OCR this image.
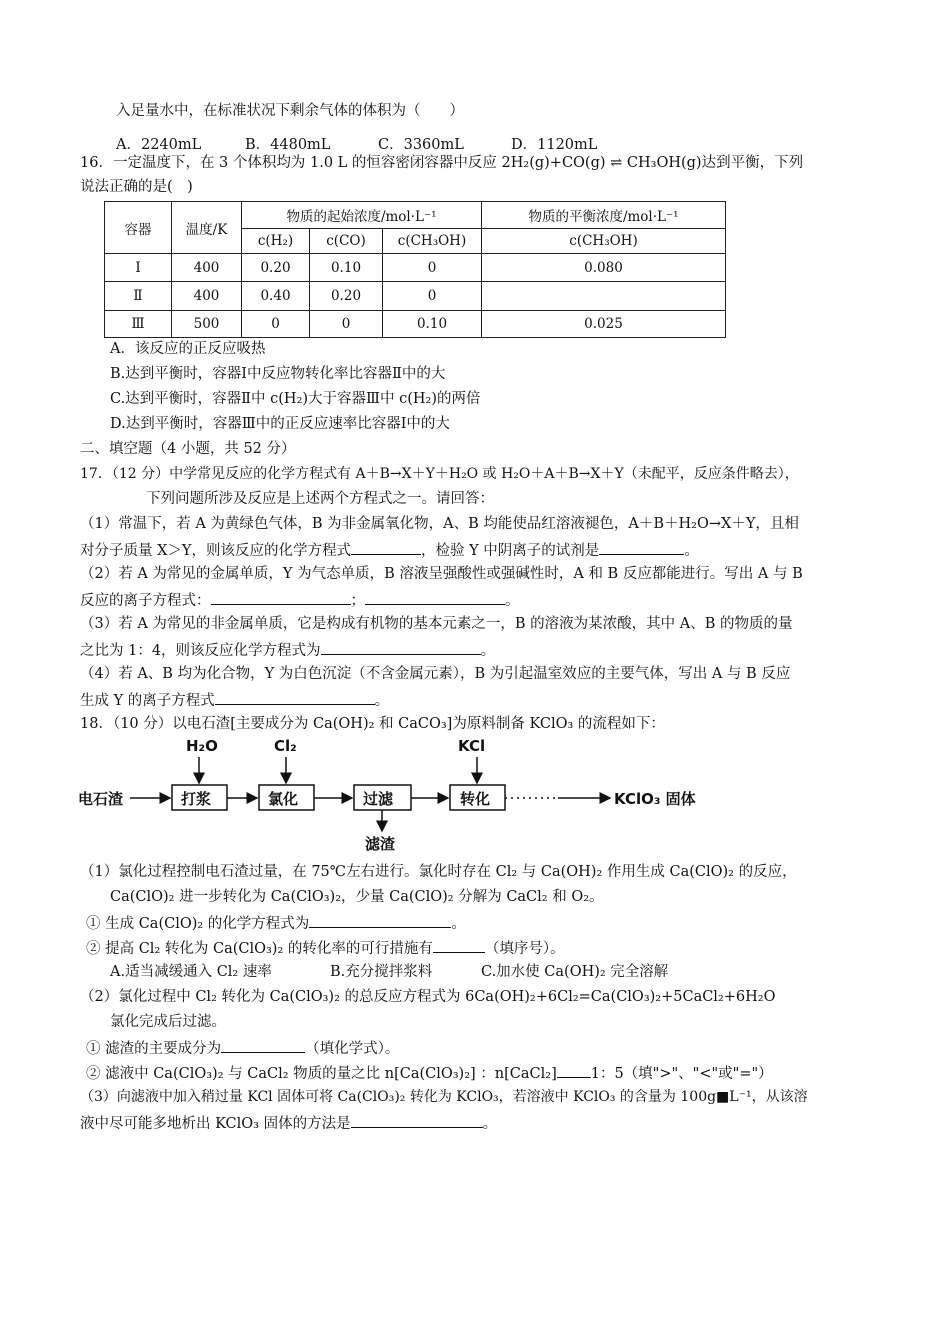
入足量水中，在标准状况下剩余气体的体积为（　　）
A．2240mL	B．4480mL	C．3360mL	D．1120mL
16．一定温度下，在 3 个体积均为 1.0 L 的恒容密闭容器中反应 2H₂(g)+CO(g) ⇌ CH₃OH(g)达到平衡，下列
说法正确的是(　)
容器	温度/K	物质的起始浓度/mol·L⁻¹			物质的平衡浓度/mol·L⁻¹
		c(H₂)	c(CO)	c(CH₃OH)	c(CH₃OH)
Ⅰ	400	0.20	0.10	0	0.080
Ⅱ	400	0.40	0.20	0	
Ⅲ	500	0	0	0.10	0.025
A．该反应的正反应吸热
B.达到平衡时，容器Ⅰ中反应物转化率比容器Ⅱ中的大
C.达到平衡时，容器Ⅱ中 c(H₂)大于容器Ⅲ中 c(H₂)的两倍
D.达到平衡时，容器Ⅲ中的正反应速率比容器Ⅰ中的大
二、填空题（4 小题，共 52 分）
17．（12 分）中学常见反应的化学方程式有 A＋B→X＋Y＋H₂O 或 H₂O＋A＋B→X＋Y（未配平，反应条件略去），
下列问题所涉及反应是上述两个方程式之一。请回答：
（1）常温下，若 A 为黄绿色气体，B 为非金属氧化物，A、B 均能使品红溶液褪色，A＋B＋H₂O→X＋Y，且相
对分子质量 X＞Y，则该反应的化学方程式	，检验 Y 中阴离子的试剂是	。
（2）若 A 为常见的金属单质，Y 为气态单质，B 溶液呈强酸性或强碱性时，A 和 B 反应都能进行。写出 A 与 B
反应的离子方程式：	；	。
（3）若 A 为常见的非金属单质，它是构成有机物的基本元素之一，B 的溶液为某浓酸，其中 A、B 的物质的量
之比为 1：4，则该反应化学方程式为	。
（4）若 A、B 均为化合物，Y 为白色沉淀（不含金属元素），B 为引起温室效应的主要气体，写出 A 与 B 反应
生成 Y 的离子方程式	。
18．（10 分）以电石渣[主要成分为 Ca(OH)₂ 和 CaCO₃]为原料制备 KClO₃ 的流程如下：
电石渣
H₂O	Cl₂	KCl
打浆	氯化	过滤	转化
滤渣
KClO₃ 固体
（1）氯化过程控制电石渣过量，在 75℃左右进行。氯化时存在 Cl₂ 与 Ca(OH)₂ 作用生成 Ca(ClO)₂ 的反应，
Ca(ClO)₂ 进一步转化为 Ca(ClO₃)₂，少量 Ca(ClO)₂ 分解为 CaCl₂ 和 O₂。
① 生成 Ca(ClO)₂ 的化学方程式为	。
② 提高 Cl₂ 转化为 Ca(ClO₃)₂ 的转化率的可行措施有	（填序号）。
A.适当减缓通入 Cl₂ 速率	B.充分搅拌浆料	C.加水使 Ca(OH)₂ 完全溶解
（2）氯化过程中 Cl₂ 转化为 Ca(ClO₃)₂ 的总反应方程式为 6Ca(OH)₂+6Cl₂=Ca(ClO₃)₂+5CaCl₂+6H₂O
氯化完成后过滤。
① 滤渣的主要成分为	（填化学式）。
② 滤液中 Ca(ClO₃)₂ 与 CaCl₂ 物质的量之比 n[Ca(ClO₃)₂] ：n[CaCl₂] 1：5（填">"、"<"或"="）
（3）向滤液中加入稍过量 KCl 固体可将 Ca(ClO₃)₂ 转化为 KClO₃，若溶液中 KClO₃ 的含量为 100g■L⁻¹，从该溶
液中尽可能多地析出 KClO₃ 固体的方法是	。
